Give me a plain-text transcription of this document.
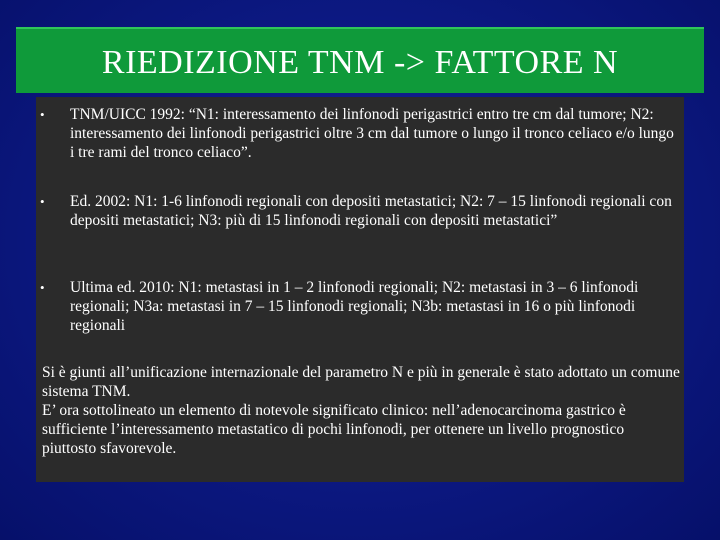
RIEDIZIONE TNM -> FATTORE N
•	TNM/UICC 1992: “N1: interessamento dei linfonodi perigastrici entro tre cm dal tumore; N2: interessamento dei linfonodi perigastrici oltre 3 cm dal tumore o lungo il tronco celiaco e/o lungo i tre rami del tronco celiaco”.
•	Ed. 2002: N1: 1-6 linfonodi regionali con depositi metastatici; N2: 7 – 15 linfonodi regionali con depositi metastatici; N3: più di 15 linfonodi regionali con depositi metastatici”
•	Ultima ed. 2010: N1: metastasi in 1 – 2 linfonodi regionali; N2: metastasi in 3 – 6 linfonodi regionali; N3a: metastasi in 7 – 15 linfonodi regionali; N3b: metastasi in 16 o più linfonodi regionali

Si è giunti all’unificazione internazionale del parametro N e più in generale è stato adottato un comune sistema TNM.

E’ ora sottolineato un elemento di notevole significato clinico: nell’adenocarcinoma gastrico è sufficiente l’interessamento metastatico di pochi linfonodi, per ottenere un livello prognostico piuttosto sfavorevole.
